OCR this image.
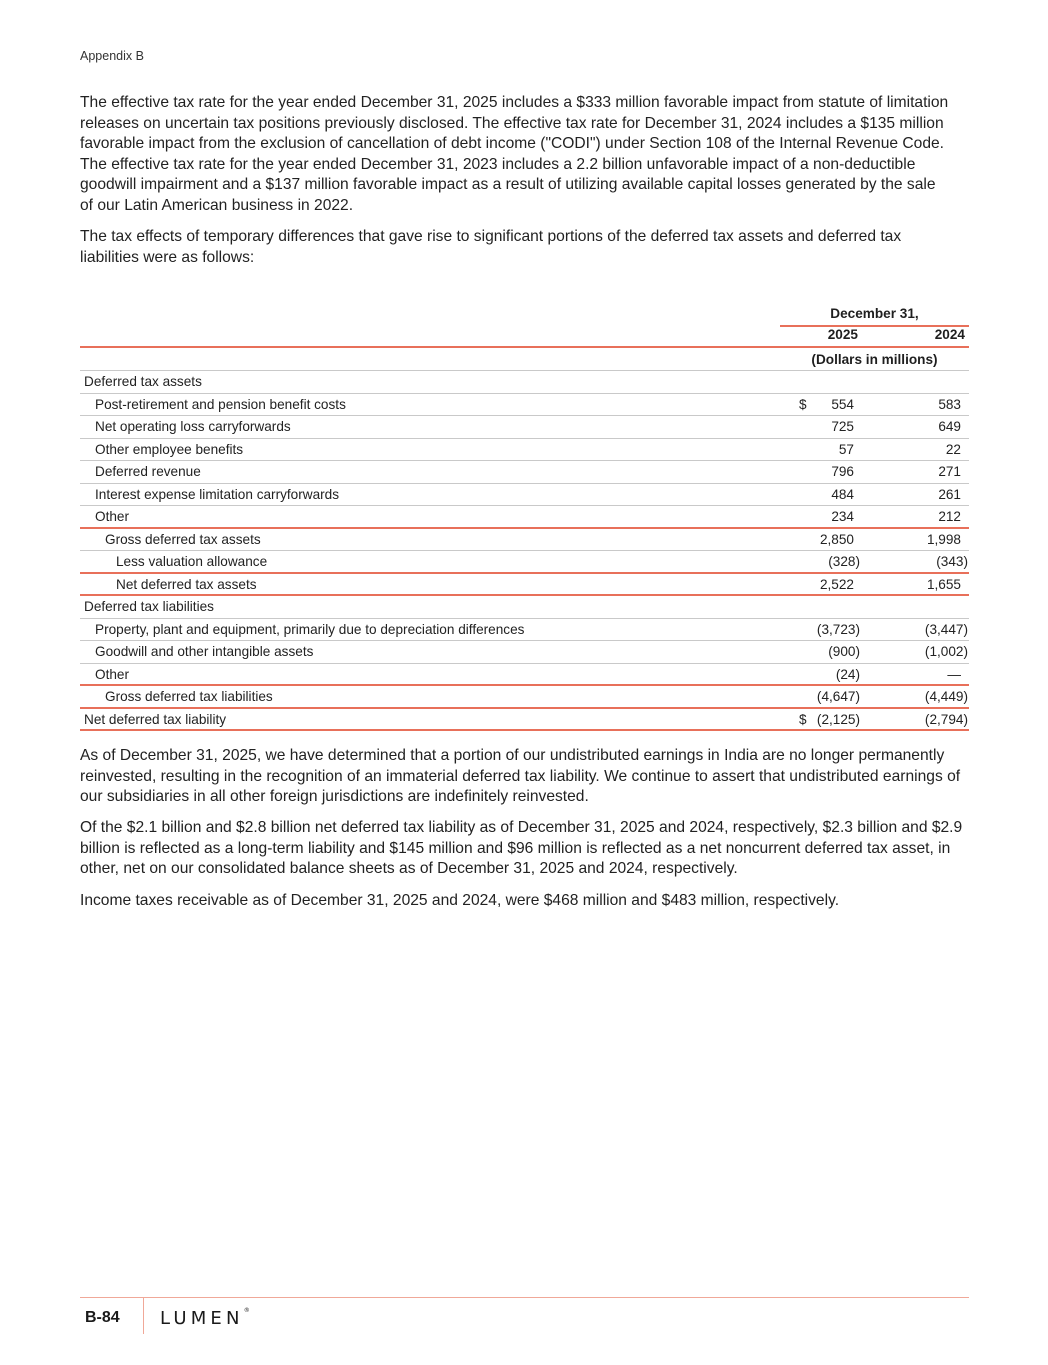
Appendix B

The effective tax rate for the year ended December 31, 2025 includes a $333 million favorable impact from statute of limitation releases on uncertain tax positions previously disclosed. The effective tax rate for December 31, 2024 includes a $135 million favorable impact from the exclusion of cancellation of debt income ("CODI") under Section 108 of the Internal Revenue Code. The effective tax rate for the year ended December 31, 2023 includes a 2.2 billion unfavorable impact of a non-deductible goodwill impairment and a $137 million favorable impact as a result of utilizing available capital losses generated by the sale of our Latin American business in 2022.

The tax effects of temporary differences that gave rise to significant portions of the deferred tax assets and deferred tax liabilities were as follows:

December 31,
2025	2024
(Dollars in millions)
Deferred tax assets
Post-retirement and pension benefit costs	$	554	583
Net operating loss carryforwards	725	649
Other employee benefits	57	22
Deferred revenue	796	271
Interest expense limitation carryforwards	484	261
Other	234	212
Gross deferred tax assets	2,850	1,998
Less valuation allowance	(328)	(343)
Net deferred tax assets	2,522	1,655
Deferred tax liabilities
Property, plant and equipment, primarily due to depreciation differences	(3,723)	(3,447)
Goodwill and other intangible assets	(900)	(1,002)
Other	(24)	—
Gross deferred tax liabilities	(4,647)	(4,449)
Net deferred tax liability	$ (2,125)	(2,794)

As of December 31, 2025, we have determined that a portion of our undistributed earnings in India are no longer permanently reinvested, resulting in the recognition of an immaterial deferred tax liability. We continue to assert that undistributed earnings of our subsidiaries in all other foreign jurisdictions are indefinitely reinvested.

Of the $2.1 billion and $2.8 billion net deferred tax liability as of December 31, 2025 and 2024, respectively, $2.3 billion and $2.9 billion is reflected as a long-term liability and $145 million and $96 million is reflected as a net noncurrent deferred tax asset, in other, net on our consolidated balance sheets as of December 31, 2025 and 2024, respectively.

Income taxes receivable as of December 31, 2025 and 2024, were $468 million and $483 million, respectively.

B-84 LUMEN®
